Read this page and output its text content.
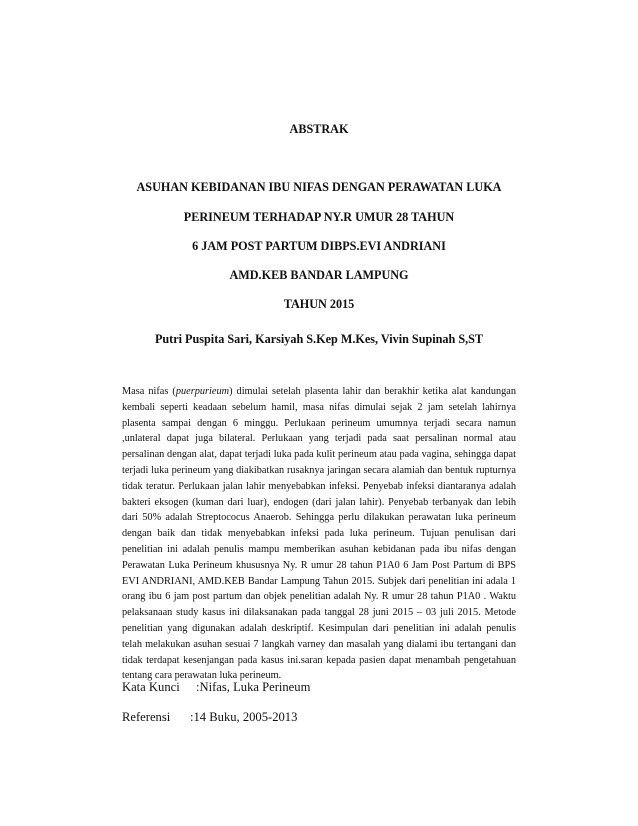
ABSTRAK
ASUHAN KEBIDANAN IBU NIFAS DENGAN PERAWATAN LUKA
PERINEUM TERHADAP NY.R UMUR 28 TAHUN
6 JAM POST PARTUM DIBPS.EVI ANDRIANI
AMD.KEB BANDAR LAMPUNG
TAHUN 2015
Putri Puspita Sari, Karsiyah S.Kep M.Kes, Vivin Supinah S,ST
Masa nifas (puerpurieum) dimulai setelah plasenta lahir dan berakhir ketika alat kandungan kembali seperti keadaan sebelum hamil, masa nifas dimulai sejak 2 jam setelah lahirnya plasenta sampai dengan 6 minggu. Perlukaan perineum umumnya terjadi secara namun ,unlateral dapat juga bilateral. Perlukaan yang terjadi pada saat persalinan normal atau persalinan dengan alat, dapat terjadi luka pada kulit perineum atau pada vagina, sehingga dapat terjadi luka perineum yang diakibatkan rusaknya jaringan secara alamiah dan bentuk rupturnya tidak teratur. Perlukaan jalan lahir menyebabkan infeksi. Penyebab infeksi diantaranya adalah bakteri eksogen (kuman dari luar), endogen (dari jalan lahir). Penyebab terbanyak dan lebih dari 50% adalah Streptococus Anaerob. Sehingga perlu dilakukan perawatan luka perineum dengan baik dan tidak menyebabkan infeksi pada luka perineum. Tujuan penulisan dari penelitian ini adalah penulis mampu memberikan asuhan kebidanan pada ibu nifas dengan Perawatan Luka Perineum khususnya Ny. R umur 28 tahun P1A0 6 Jam Post Partum di BPS EVI ANDRIANI, AMD.KEB Bandar Lampung Tahun 2015. Subjek dari penelitian ini adala 1 orang ibu 6 jam post partum dan objek penelitian adalah Ny. R umur 28 tahun P1A0 . Waktu pelaksanaan study kasus ini dilaksanakan pada tanggal 28 juni 2015 – 03 juli 2015. Metode penelitian yang digunakan adalah deskriptif. Kesimpulan dari penelitian ini adalah penulis telah melakukan asuhan sesuai 7 langkah varney dan masalah yang dialami ibu tertangani dan tidak terdapat kesenjangan pada kasus ini.saran kepada pasien dapat menambah pengetahuan tentang cara perawatan luka perineum.
Kata Kunci :Nifas, Luka Perineum
Referensi :14 Buku, 2005-2013
